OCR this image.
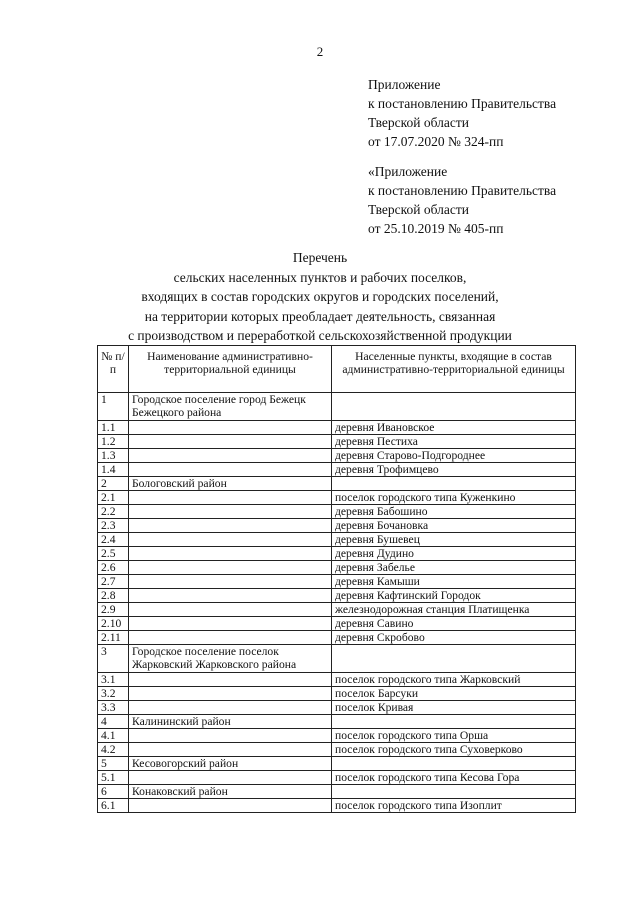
2
Приложение
к постановлению Правительства
Тверской области
от 17.07.2020 № 324-пп
«Приложение
к постановлению Правительства
Тверской области
от 25.10.2019 № 405-пп
Перечень
сельских населенных пунктов и рабочих поселков,
входящих в состав городских округов и городских поселений,
на территории которых преобладает деятельность, связанная
с производством и переработкой сельскохозяйственной продукции
№ п/п	Наименование административно-территориальной единицы	Населенные пункты, входящие в состав административно-территориальной единицы
1	Городское поселение город Бежецк Бежецкого района	
1.1		деревня Ивановское
1.2		деревня Пестиха
1.3		деревня Старово-Подгороднее
1.4		деревня Трофимцево
2	Бологовский район	
2.1		поселок городского типа Куженкино
2.2		деревня Бабошино
2.3		деревня Бочановка
2.4		деревня Бушевец
2.5		деревня Дудино
2.6		деревня Забелье
2.7		деревня Камыши
2.8		деревня Кафтинский Городок
2.9		железнодорожная станция Платищенка
2.10		деревня Савино
2.11		деревня Скробово
3	Городское поселение поселок Жарковский Жарковского района	
3.1		поселок городского типа Жарковский
3.2		поселок Барсуки
3.3		поселок Кривая
4	Калининский район	
4.1		поселок городского типа Орша
4.2		поселок городского типа Суховерково
5	Кесовогорский район	
5.1		поселок городского типа Кесова Гора
6	Конаковский район	
6.1		поселок городского типа Изоплит
